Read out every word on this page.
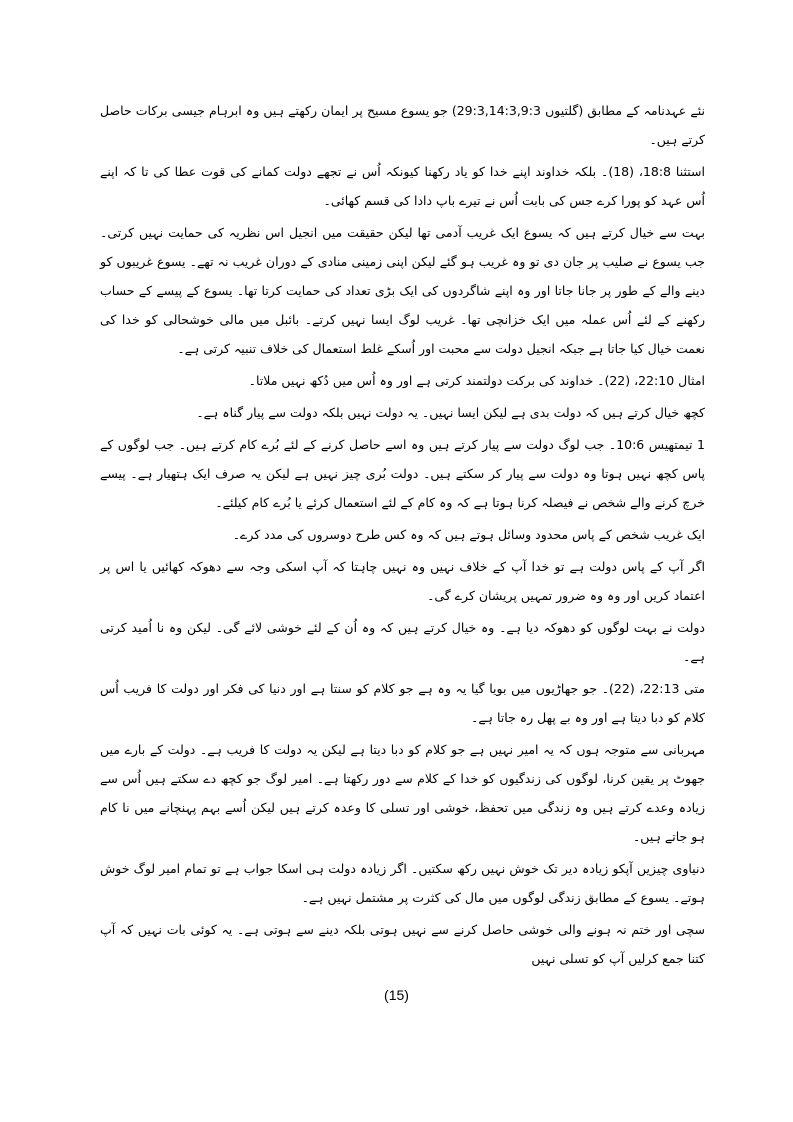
نئے عہدنامہ کے مطابق (گلتیوں 29:3,14:3,9:3) جو یسوع مسیح پر ایمان رکھتے ہیں وہ ابرہام جیسی برکات حاصل کرتے ہیں۔

استثنا 18:8، (18)۔ بلکہ خداوند اپنے خدا کو یاد رکھنا کیونکہ اُس نے تجھے دولت کمانے کی قوت عطا کی تا کہ اپنے اُس عہد کو پورا کرے جس کی بابت اُس نے تیرے باپ دادا کی قسم کھائی۔

بہت سے خیال کرتے ہیں کہ یسوع ایک غریب آدمی تھا لیکن حقیقت میں انجیل اس نظریہ کی حمایت نہیں کرتی۔ جب یسوع نے صلیب پر جان دی تو وہ غریب ہو گئے لیکن اپنی زمینی منادی کے دوران غریب نہ تھے۔ یسوع غریبوں کو دینے والے کے طور پر جانا جاتا اور وہ اپنے شاگردوں کی ایک بڑی تعداد کی حمایت کرتا تھا۔ یسوع کے پیسے کے حساب رکھنے کے لئے اُس عملہ میں ایک خزانچی تھا۔ غریب لوگ ایسا نہیں کرتے۔ بائبل میں مالی خوشحالی کو خدا کی نعمت خیال کیا جاتا ہے جبکہ انجیل دولت سے محبت اور اُسکے غلط استعمال کی خلاف تنبیہ کرتی ہے۔

امثال 22:10، (22)۔ خداوند کی برکت دولتمند کرتی ہے اور وہ اُس میں دُکھ نہیں ملاتا۔

کچھ خیال کرتے ہیں کہ دولت بدی ہے لیکن ایسا نہیں۔ یہ دولت نہیں بلکہ دولت سے پیار گناہ ہے۔

1 تیمتھیس 10:6۔ جب لوگ دولت سے پیار کرتے ہیں وہ اسے حاصل کرنے کے لئے بُرے کام کرتے ہیں۔ جب لوگوں کے پاس کچھ نہیں ہوتا وہ دولت سے پیار کر سکتے ہیں۔ دولت بُری چیز نہیں ہے لیکن یہ صرف ایک ہتھیار ہے۔ پیسے خرچ کرنے والے شخص نے فیصلہ کرنا ہوتا ہے کہ وہ کام کے لئے استعمال کرئے یا بُرے کام کیلئے۔

ایک غریب شخص کے پاس محدود وسائل ہوتے ہیں کہ وہ کس طرح دوسروں کی مدد کرے۔

اگر آپ کے پاس دولت ہے تو خدا آپ کے خلاف نہیں وہ نہیں چاہتا کہ آپ اسکی وجہ سے دھوکہ کھائیں یا اس پر اعتماد کریں اور وہ وہ ضرور تمہیں پریشان کرے گی۔

دولت نے بہت لوگوں کو دھوکہ دیا ہے۔ وہ خیال کرتے ہیں کہ وہ اُن کے لئے خوشی لائے گی۔ لیکن وہ نا اُمید کرتی ہے۔

متی 22:13، (22)۔ جو جھاڑیوں میں بویا گیا یہ وہ ہے جو کلام کو سنتا ہے اور دنیا کی فکر اور دولت کا فریب اُس کلام کو دبا دیتا ہے اور وہ بے پھل رہ جاتا ہے۔

مہربانی سے متوجہ ہوں کہ یہ امیر نہیں ہے جو کلام کو دبا دیتا ہے لیکن یہ دولت کا فریب ہے۔ دولت کے بارے میں جھوٹ پر یقین کرنا، لوگوں کی زندگیوں کو خدا کے کلام سے دور رکھتا ہے۔ امیر لوگ جو کچھ دے سکتے ہیں اُس سے زیادہ وعدے کرتے ہیں وہ زندگی میں تحفظ، خوشی اور تسلی کا وعدہ کرتے ہیں لیکن اُسے بہم پہنچانے میں نا کام ہو جاتے ہیں۔

دنیاوی چیزیں آپکو زیادہ دیر تک خوش نہیں رکھ سکتیں۔ اگر زیادہ دولت ہی اسکا جواب ہے تو تمام امیر لوگ خوش ہوتے۔ یسوع کے مطابق زندگی لوگوں میں مال کی کثرت پر مشتمل نہیں ہے۔

سچی اور ختم نہ ہونے والی خوشی حاصل کرنے سے نہیں ہوتی بلکہ دینے سے ہوتی ہے۔ یہ کوئی بات نہیں کہ آپ کتنا جمع کرلیں آپ کو تسلی نہیں

(15)
